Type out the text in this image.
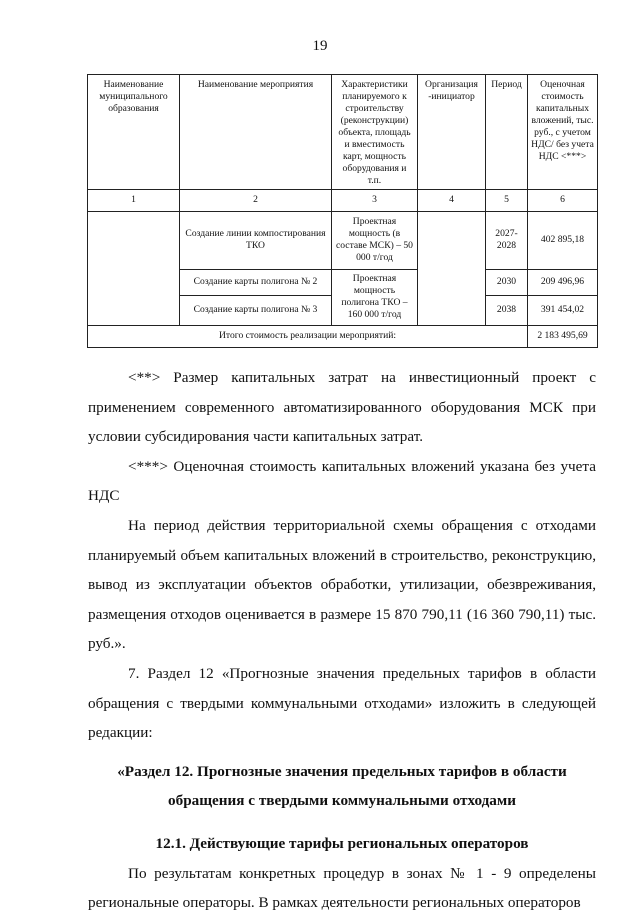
19
Наименование муниципального образования	Наименование мероприятия	Характеристики планируемого к строительству (реконструкции) объекта, площадь и вместимость карт, мощность оборудования и т.п.	Организация -инициатор	Период	Оценочная стоимость капитальных вложений, тыс. руб., с учетом НДС/ без учета НДС <***>
1	2	3	4	5	6
	Создание линии компостирования ТКО	Проектная мощность (в составе МСК) – 50 000 т/год		2027-2028	402 895,18
	Создание карты полигона № 2	Проектная мощность полигона ТКО – 160 000 т/год		2030	209 496,96
	Создание карты полигона № 3			2038	391 454,02
Итого стоимость реализации мероприятий:					2 183 495,69

<**> Размер капитальных затрат на инвестиционный проект с применением современного автоматизированного оборудования МСК при условии субсидирования части капитальных затрат.

<***> Оценочная стоимость капитальных вложений указана без учета НДС

На период действия территориальной схемы обращения с отходами планируемый объем капитальных вложений в строительство, реконструкцию, вывод из эксплуатации объектов обработки, утилизации, обезвреживания, размещения отходов оценивается в размере 15 870 790,11 (16 360 790,11) тыс. руб.».

7. Раздел 12 «Прогнозные значения предельных тарифов в области обращения с твердыми коммунальными отходами» изложить в следующей редакции:

«Раздел 12. Прогнозные значения предельных тарифов в области обращения с твердыми коммунальными отходами

12.1. Действующие тарифы региональных операторов

По результатам конкретных процедур в зонах № 1 - 9 определены региональные операторы. В рамках деятельности региональных операторов
